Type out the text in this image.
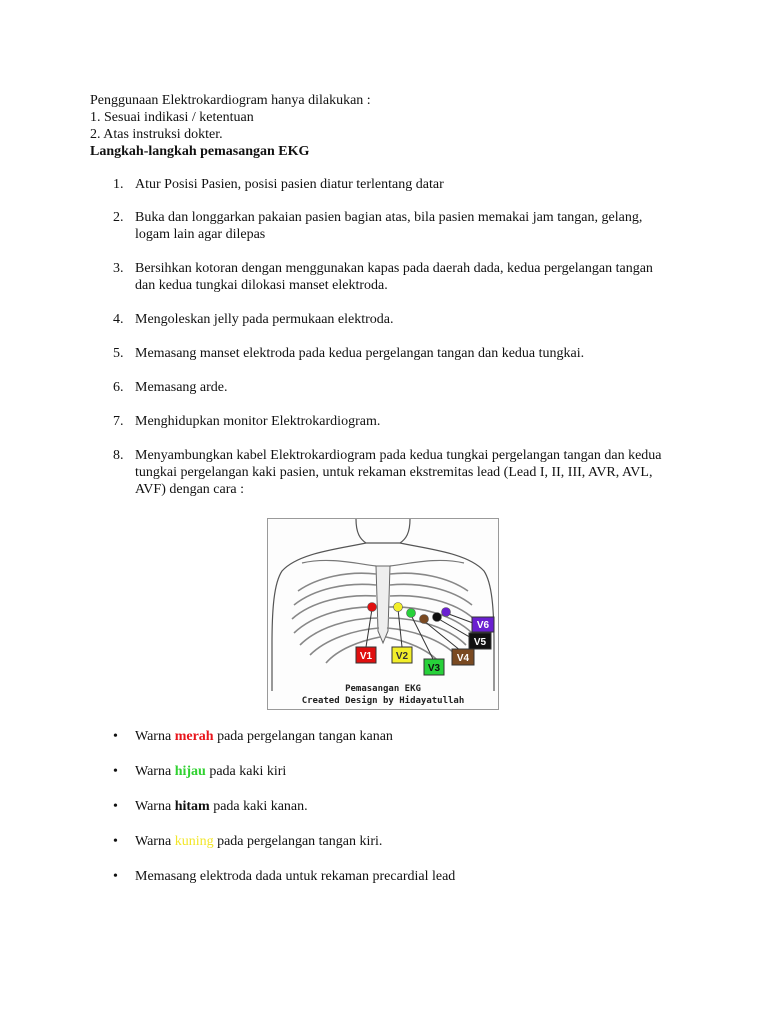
Penggunaan Elektrokardiogram hanya dilakukan :

1. Sesuai indikasi / ketentuan

2. Atas instruksi dokter.

Langkah-langkah pemasangan EKG

1. Atur Posisi Pasien, posisi pasien diatur terlentang datar
2. Buka dan longgarkan pakaian pasien bagian atas, bila pasien memakai jam tangan, gelang, logam lain agar dilepas
3. Bersihkan kotoran dengan menggunakan kapas pada daerah dada, kedua pergelangan tangan dan kedua tungkai dilokasi manset elektroda.
4. Mengoleskan jelly pada permukaan elektroda.
5. Memasang manset elektroda pada kedua pergelangan tangan dan kedua tungkai.
6. Memasang arde.
7. Menghidupkan monitor Elektrokardiogram.
8. Menyambungkan kabel Elektrokardiogram pada kedua tungkai pergelangan tangan dan kedua tungkai pergelangan kaki pasien, untuk rekaman ekstremitas lead (Lead I, II, III, AVR, AVL, AVF) dengan cara :
V1 V2
V3
V4
V5
V6
Pemasangan EKG
Created Design by Hidayatullah
• Warna merah pada pergelangan tangan kanan
• Warna hijau pada kaki kiri
• Warna hitam pada kaki kanan.
• Warna kuning pada pergelangan tangan kiri.
• Memasang elektroda dada untuk rekaman precardial lead
